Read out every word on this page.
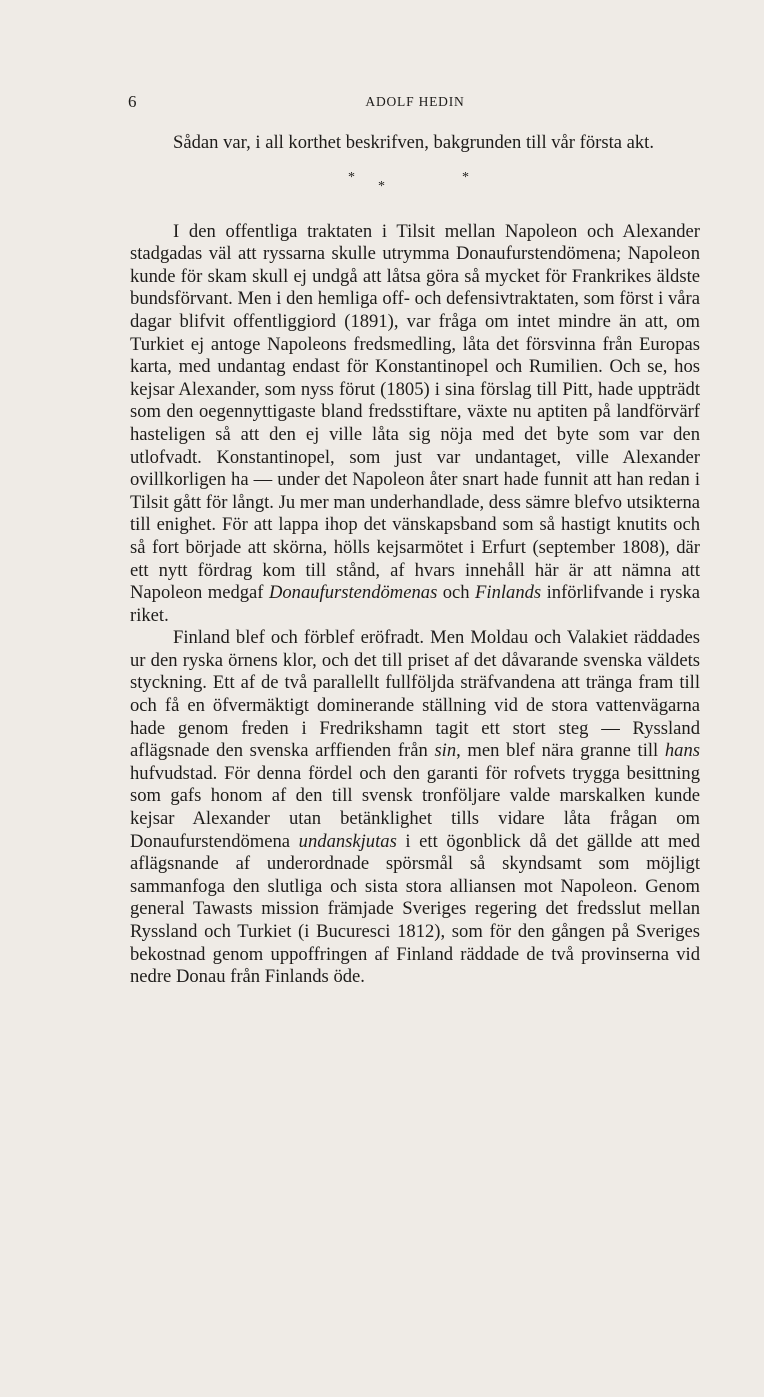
6	ADOLF HEDIN

Sådan var, i all korthet beskrifven, bakgrunden till vår första akt.

*
*
*

I den offentliga traktaten i Tilsit mellan Napoleon och Alexander stadgadas väl att ryssarna skulle utrymma Donaufurstendömena; Napoleon kunde för skam skull ej undgå att låtsa göra så mycket för Frankrikes äldste bundsförvant. Men i den hemliga off- och defensivtraktaten, som först i våra dagar blifvit offentliggiord (1891), var fråga om intet mindre än att, om Turkiet ej antoge Napoleons fredsmedling, låta det försvinna från Europas karta, med undantag endast för Konstantinopel och Rumilien. Och se, hos kejsar Alexander, som nyss förut (1805) i sina förslag till Pitt, hade uppträdt som den oegennyttigaste bland fredsstiftare, växte nu aptiten på landförvärf hasteligen så att den ej ville låta sig nöja med det byte som var den utlofvadt. Konstantinopel, som just var undantaget, ville Alexander ovillkorligen ha — under det Napoleon åter snart hade funnit att han redan i Tilsit gått för långt. Ju mer man underhandlade, dess sämre blefvo utsikterna till enighet. För att lappa ihop det vänskapsband som så hastigt knutits och så fort började att skörna, hölls kejsarmötet i Erfurt (september 1808), där ett nytt fördrag kom till stånd, af hvars innehåll här är att nämna att Napoleon medgaf Donaufurstendömenas och Finlands införlifvande i ryska riket.

Finland blef och förblef eröfradt. Men Moldau och Valakiet räddades ur den ryska örnens klor, och det till priset af det dåvarande svenska väldets styckning. Ett af de två parallellt fullföljda sträfvandena att tränga fram till och få en öfvermäktigt dominerande ställning vid de stora vattenvägarna hade genom freden i Fredrikshamn tagit ett stort steg — Ryssland aflägsnade den svenska arffienden från sin, men blef nära granne till hans hufvudstad. För denna fördel och den garanti för rofvets trygga besittning som gafs honom af den till svensk tronföljare valde marskalken kunde kejsar Alexander utan betänklighet tills vidare låta frågan om Donaufurstendömena undanskjutas i ett ögonblick då det gällde att med aflägsnande af underordnade spörsmål så skyndsamt som möjligt sammanfoga den slutliga och sista stora alliansen mot Napoleon. Genom general Tawasts mission främjade Sveriges regering det fredsslut mellan Ryssland och Turkiet (i Bucuresci 1812), som för den gången på Sveriges bekostnad genom uppoffringen af Finland räddade de två provinserna vid nedre Donau från Finlands öde.
